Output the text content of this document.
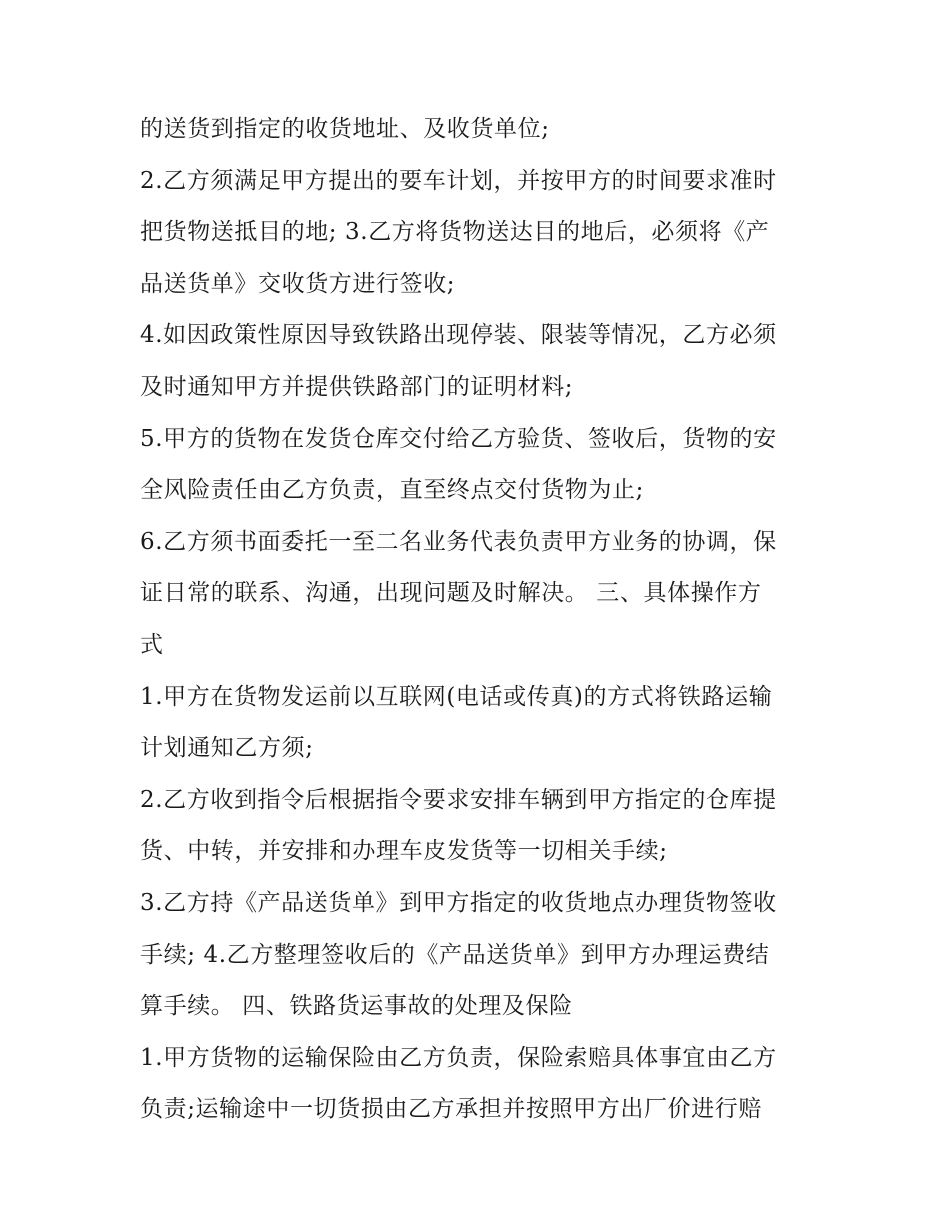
的送货到指定的收货地址、及收货单位;
2.乙方须满足甲方提出的要车计划，并按甲方的时间要求准时
把货物送抵目的地; 3.乙方将货物送达目的地后，必须将《产
品送货单》交收货方进行签收;
4.如因政策性原因导致铁路出现停装、限装等情况，乙方必须
及时通知甲方并提供铁路部门的证明材料;
5.甲方的货物在发货仓库交付给乙方验货、签收后，货物的安
全风险责任由乙方负责，直至终点交付货物为止;
6.乙方须书面委托一至二名业务代表负责甲方业务的协调，保
证日常的联系、沟通，出现问题及时解决。 三、具体操作方
式
1.甲方在货物发运前以互联网(电话或传真)的方式将铁路运输
计划通知乙方须;
2.乙方收到指令后根据指令要求安排车辆到甲方指定的仓库提
货、中转，并安排和办理车皮发货等一切相关手续;
3.乙方持《产品送货单》到甲方指定的收货地点办理货物签收
手续; 4.乙方整理签收后的《产品送货单》到甲方办理运费结
算手续。 四、铁路货运事故的处理及保险
1.甲方货物的运输保险由乙方负责，保险索赔具体事宜由乙方
负责;运输途中一切货损由乙方承担并按照甲方出厂价进行赔
